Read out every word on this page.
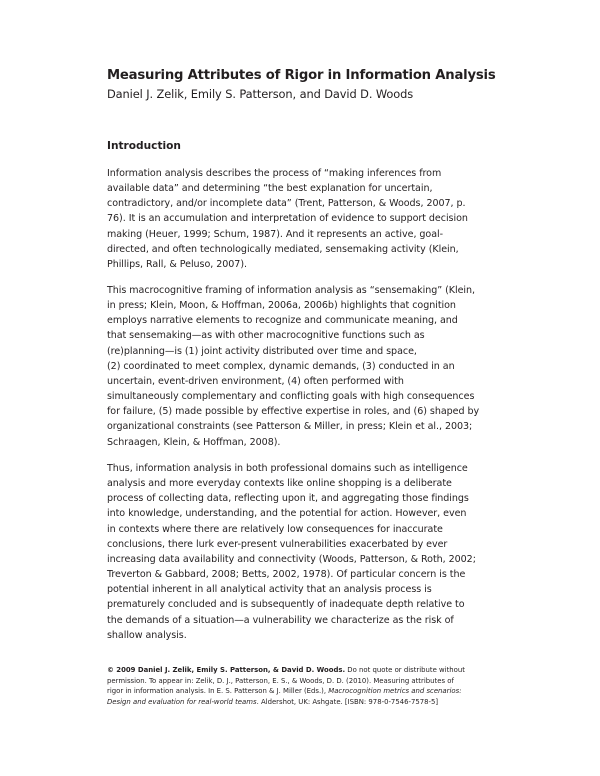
Measuring Attributes of Rigor in Information Analysis

Daniel J. Zelik, Emily S. Patterson, and David D. Woods

Introduction

Information analysis describes the process of “making inferences from
available data” and determining “the best explanation for uncertain,
contradictory, and/or incomplete data” (Trent, Patterson, & Woods, 2007, p.
76). It is an accumulation and interpretation of evidence to support decision
making (Heuer, 1999; Schum, 1987). And it represents an active, goal-
directed, and often technologically mediated, sensemaking activity (Klein,
Phillips, Rall, & Peluso, 2007).

This macrocognitive framing of information analysis as “sensemaking” (Klein,
in press; Klein, Moon, & Hoffman, 2006a, 2006b) highlights that cognition
employs narrative elements to recognize and communicate meaning, and
that sensemaking—as with other macrocognitive functions such as
(re)planning—is (1) joint activity distributed over time and space,
(2) coordinated to meet complex, dynamic demands, (3) conducted in an
uncertain, event-driven environment, (4) often performed with
simultaneously complementary and conflicting goals with high consequences
for failure, (5) made possible by effective expertise in roles, and (6) shaped by
organizational constraints (see Patterson & Miller, in press; Klein et al., 2003;
Schraagen, Klein, & Hoffman, 2008).

Thus, information analysis in both professional domains such as intelligence
analysis and more everyday contexts like online shopping is a deliberate
process of collecting data, reflecting upon it, and aggregating those findings
into knowledge, understanding, and the potential for action. However, even
in contexts where there are relatively low consequences for inaccurate
conclusions, there lurk ever-present vulnerabilities exacerbated by ever
increasing data availability and connectivity (Woods, Patterson, & Roth, 2002;
Treverton & Gabbard, 2008; Betts, 2002, 1978). Of particular concern is the
potential inherent in all analytical activity that an analysis process is
prematurely concluded and is subsequently of inadequate depth relative to
the demands of a situation—a vulnerability we characterize as the risk of
shallow analysis.

© 2009 Daniel J. Zelik, Emily S. Patterson, & David D. Woods. Do not quote or distribute without
permission. To appear in: Zelik, D. J., Patterson, E. S., & Woods, D. D. (2010). Measuring attributes of
rigor in information analysis. In E. S. Patterson & J. Miller (Eds.), Macrocognition metrics and scenarios:
Design and evaluation for real-world teams. Aldershot, UK: Ashgate. [ISBN: 978-0-7546-7578-5]
